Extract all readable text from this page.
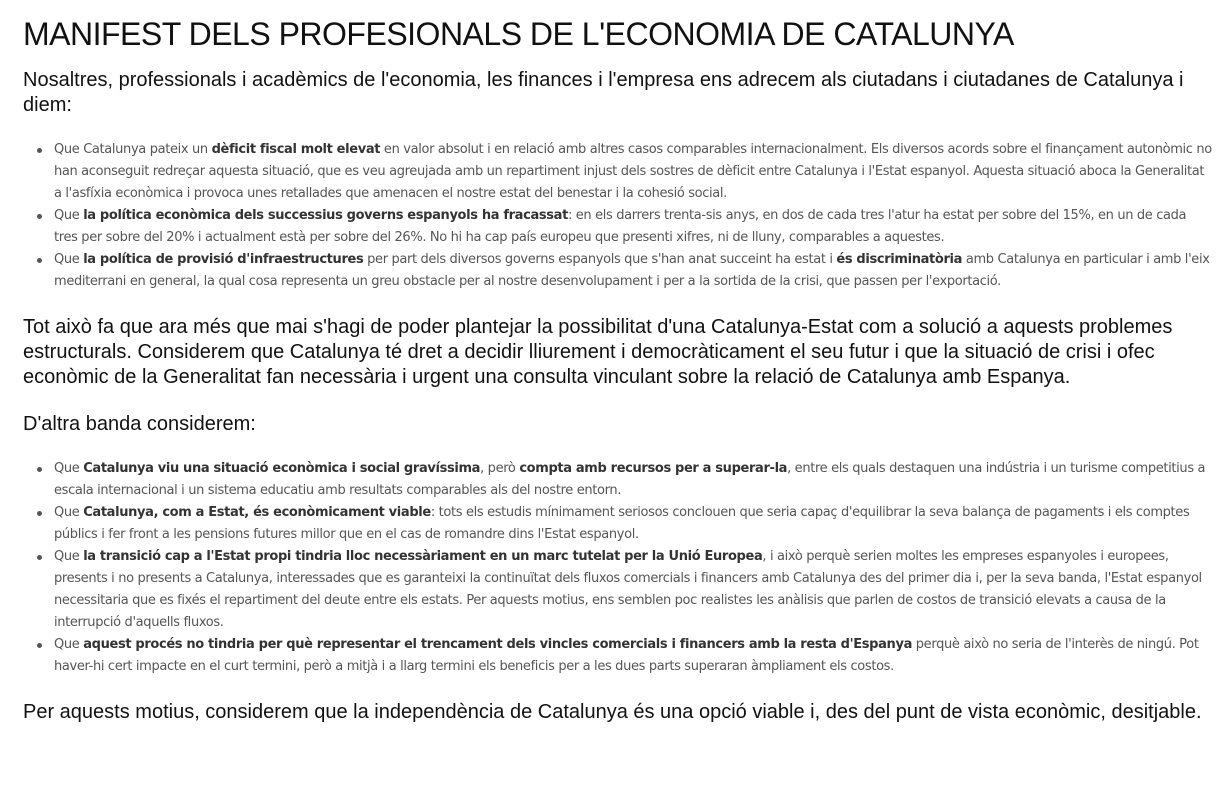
MANIFEST DELS PROFESIONALS DE L'ECONOMIA DE CATALUNYA

Nosaltres, professionals i acadèmics de l'economia, les finances i l'empresa ens adrecem als ciutadans i ciutadanes de Catalunya i diem:

Que Catalunya pateix un dèficit fiscal molt elevat en valor absolut i en relació amb altres casos comparables internacionalment. Els diversos acords sobre el finançament autonòmic no han aconseguit redreçar aquesta situació, que es veu agreujada amb un repartiment injust dels sostres de dèficit entre Catalunya i l'Estat espanyol. Aquesta situació aboca la Generalitat a l'asfíxia econòmica i provoca unes retallades que amenacen el nostre estat del benestar i la cohesió social.
Que la política econòmica dels successius governs espanyols ha fracassat: en els darrers trenta-sis anys, en dos de cada tres l'atur ha estat per sobre del 15%, en un de cada tres per sobre del 20% i actualment està per sobre del 26%. No hi ha cap país europeu que presenti xifres, ni de lluny, comparables a aquestes.
Que la política de provisió d'infraestructures per part dels diversos governs espanyols que s'han anat succeint ha estat i és discriminatòria amb Catalunya en particular i amb l'eix mediterrani en general, la qual cosa representa un greu obstacle per al nostre desenvolupament i per a la sortida de la crisi, que passen per l'exportació.

Tot això fa que ara més que mai s'hagi de poder plantejar la possibilitat d'una Catalunya-Estat com a solució a aquests problemes estructurals. Considerem que Catalunya té dret a decidir lliurement i democràticament el seu futur i que la situació de crisi i ofec econòmic de la Generalitat fan necessària i urgent una consulta vinculant sobre la relació de Catalunya amb Espanya.

D'altra banda considerem:

Que Catalunya viu una situació econòmica i social gravíssima, però compta amb recursos per a superar-la, entre els quals destaquen una indústria i un turisme competitius a escala internacional i un sistema educatiu amb resultats comparables als del nostre entorn.
Que Catalunya, com a Estat, és econòmicament viable: tots els estudis mínimament seriosos conclouen que seria capaç d'equilibrar la seva balança de pagaments i els comptes públics i fer front a les pensions futures millor que en el cas de romandre dins l'Estat espanyol.
Que la transició cap a l'Estat propi tindria lloc necessàriament en un marc tutelat per la Unió Europea, i això perquè serien moltes les empreses espanyoles i europees, presents i no presents a Catalunya, interessades que es garanteixi la continuïtat dels fluxos comercials i financers amb Catalunya des del primer dia i, per la seva banda, l'Estat espanyol necessitaria que es fixés el repartiment del deute entre els estats. Per aquests motius, ens semblen poc realistes les anàlisis que parlen de costos de transició elevats a causa de la interrupció d'aquells fluxos.
Que aquest procés no tindria per què representar el trencament dels vincles comercials i financers amb la resta d'Espanya perquè això no seria de l'interès de ningú. Pot haver-hi cert impacte en el curt termini, però a mitjà i a llarg termini els beneficis per a les dues parts superaran àmpliament els costos.

Per aquests motius, considerem que la independència de Catalunya és una opció viable i, des del punt de vista econòmic, desitjable.
